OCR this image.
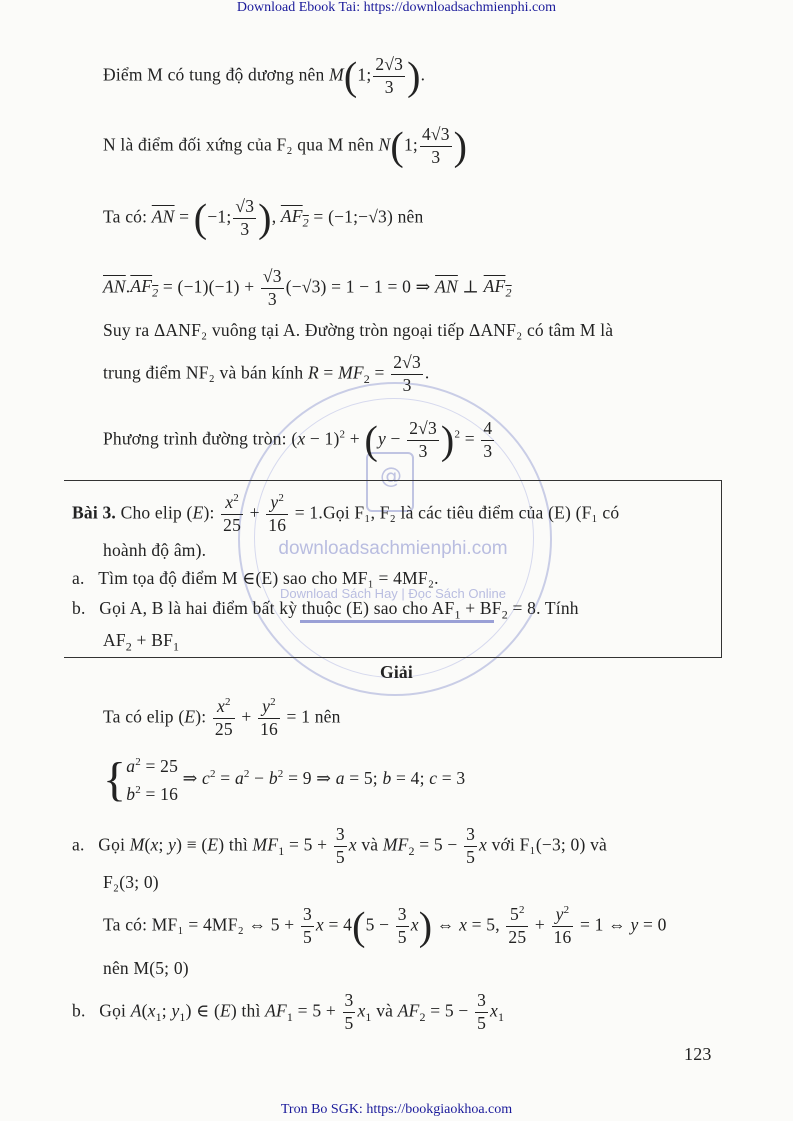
@
downloadsachmienphi.com
Download Sách Hay | Đọc Sách Online
Download Ebook Tai: https://downloadsachmienphi.com
Điểm M có tung độ dương nên M(1; $\frac{2√3}{3}$ ).
N là điểm đối xứng của F₂ qua M nên N(1; $\frac{4√3}{3}$ )
Ta có: $\overline{AN} = (-1$; $\frac{√3}{3}$ ), $AF_2$ = (−1;−√3) nên
$\overline{AN}.AF_2 = (-1)(-1) + \frac{√3}{3} (-√3) = 1 - 1 = 0$ ⇒ $\overline{AN}$ ⊥ $AF_2$
Suy ra ΔANF₂ vuông tại A. Đường tròn ngoại tiếp ΔANF₂ có tâm M là
trung điểm NF₂ và bán kính $R = MF_2 = \frac{2√3}{3}$ .
Phương trình đường tròn: $(x - 1)^2 + (y - \frac{2√3}{3} )^2 = \frac{4}{3}$
Bài 3. Cho elip (E): $\frac{x^2}{25} + \frac{y^2}{16}$ = 1.Gọi F₁, F₂ là các tiêu điểm của (E) (F₁ có
hoành độ âm).
a. Tìm tọa độ điểm M ∈(E) sao cho MF₁ = 4MF₂.
b. Gọi A, B là hai điểm bất kỳ thuộc (E) sao cho $AF_1 + BF_2 = 8$. Tính
$AF_2 + BF_1$
Giải
Ta có elip (E): $\frac{x^2}{25} + \frac{y^2}{16} = 1$ nên
{$a^2 = 25$
$b^2 = 16$ ⇒ $c^2 = a^2 - b^2 = 9$ ⇒ a = 5; b = 4; c = 3
a. Gọi M(x; y) ≡ (E) thì $MF_1 = 5 + \frac{3}{5}$ x và $MF_2 = 5 - \frac{3}{5}$ x với F₁(−3; 0) và
F₂(3; 0)
Ta có: MF₁ = 4MF₂ ⇔ $5 + \frac{3}{5}$ $x = 4(5 - \frac{3}{5} x)$ ⇔ x = 5, $\frac{5^2}{25} + \frac{y^2}{16} = 1$ ⇔ y = 0
nên M(5; 0)
b. Gọi $A(x_1$; $y_1$) ∈ (E) thì $AF_1 = 5 + \frac{3}{5} x_1$ và $AF_2 = 5 - \frac{3}{5} x_1$
123
Tron Bo SGK: https://bookgiaokhoa.com
